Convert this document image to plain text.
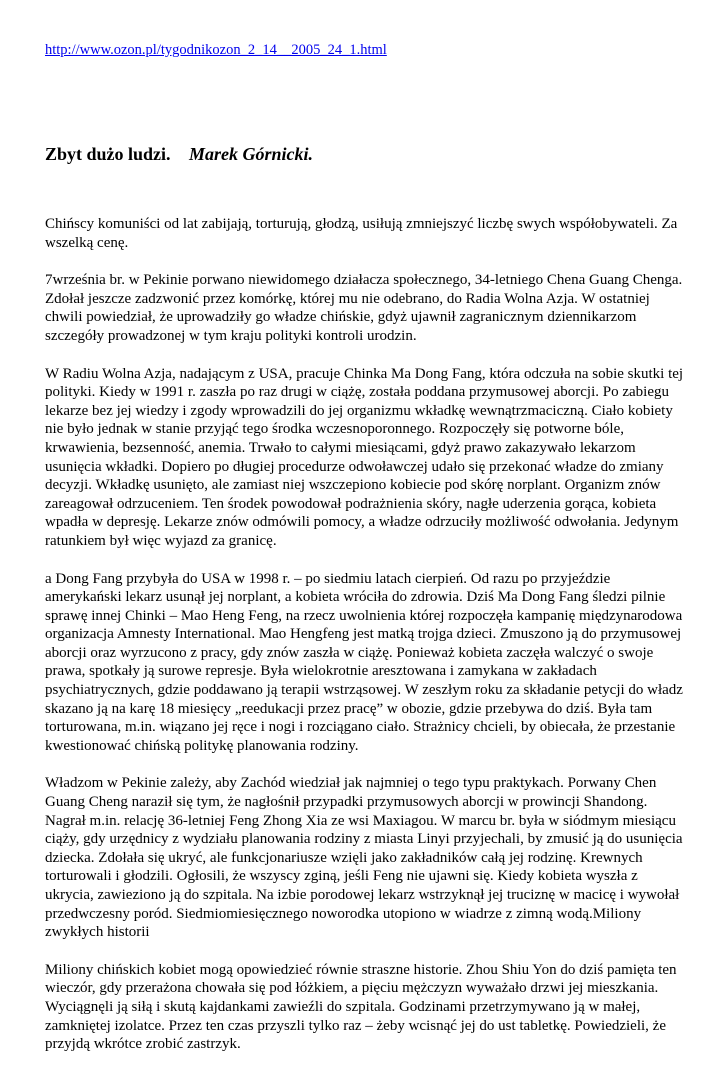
http://www.ozon.pl/tygodnikozon_2_14__2005_24_1.html
Zbyt dużo ludzi. Marek Górnicki.

Chińscy komuniści od lat zabijają, torturują, głodzą, usiłują zmniejszyć liczbę swych współobywateli. Za wszelką cenę.

7września br. w Pekinie porwano niewidomego działacza społecznego, 34-letniego Chena Guang Chenga. Zdołał jeszcze zadzwonić przez komórkę, której mu nie odebrano, do Radia Wolna Azja. W ostatniej chwili powiedział, że uprowadziły go władze chińskie, gdyż ujawnił zagranicznym dziennikarzom szczegóły prowadzonej w tym kraju polityki kontroli urodzin.

W Radiu Wolna Azja, nadającym z USA, pracuje Chinka Ma Dong Fang, która odczuła na sobie skutki tej polityki. Kiedy w 1991 r. zaszła po raz drugi w ciążę, została poddana przymusowej aborcji. Po zabiegu lekarze bez jej wiedzy i zgody wprowadzili do jej organizmu wkładkę wewnątrzmaciczną. Ciało kobiety nie było jednak w stanie przyjąć tego środka wczesnoporonnego. Rozpoczęły się potworne bóle, krwawienia, bezsenność, anemia. Trwało to całymi miesiącami, gdyż prawo zakazywało lekarzom usunięcia wkładki. Dopiero po długiej procedurze odwoławczej udało się przekonać władze do zmiany decyzji. Wkładkę usunięto, ale zamiast niej wszczepiono kobiecie pod skórę norplant. Organizm znów zareagował odrzuceniem. Ten środek powodował podrażnienia skóry, nagłe uderzenia gorąca, kobieta wpadła w depresję. Lekarze znów odmówili pomocy, a władze odrzuciły możliwość odwołania. Jedynym ratunkiem był więc wyjazd za granicę.

a Dong Fang przybyła do USA w 1998 r. – po siedmiu latach cierpień. Od razu po przyjeździe amerykański lekarz usunął jej norplant, a kobieta wróciła do zdrowia. Dziś Ma Dong Fang śledzi pilnie sprawę innej Chinki – Mao Heng Feng, na rzecz uwolnienia której rozpoczęła kampanię międzynarodowa organizacja Amnesty International. Mao Hengfeng jest matką trojga dzieci. Zmuszono ją do przymusowej aborcji oraz wyrzucono z pracy, gdy znów zaszła w ciążę. Ponieważ kobieta zaczęła walczyć o swoje prawa, spotkały ją surowe represje. Była wielokrotnie aresztowana i zamykana w zakładach psychiatrycznych, gdzie poddawano ją terapii wstrząsowej. W zeszłym roku za składanie petycji do władz skazano ją na karę 18 miesięcy „reedukacji przez pracę” w obozie, gdzie przebywa do dziś. Była tam torturowana, m.in. wiązano jej ręce i nogi i rozciągano ciało. Strażnicy chcieli, by obiecała, że przestanie kwestionować chińską politykę planowania rodziny.

Władzom w Pekinie zależy, aby Zachód wiedział jak najmniej o tego typu praktykach. Porwany Chen Guang Cheng naraził się tym, że nagłośnił przypadki przymusowych aborcji w prowincji Shandong. Nagrał m.in. relację 36-letniej Feng Zhong Xia ze wsi Maxiagou. W marcu br. była w siódmym miesiącu ciąży, gdy urzędnicy z wydziału planowania rodziny z miasta Linyi przyjechali, by zmusić ją do usunięcia dziecka. Zdołała się ukryć, ale funkcjonariusze wzięli jako zakładników całą jej rodzinę. Krewnych torturowali i głodzili. Ogłosili, że wszyscy zginą, jeśli Feng nie ujawni się. Kiedy kobieta wyszła z ukrycia, zawieziono ją do szpitala. Na izbie porodowej lekarz wstrzyknął jej truciznę w macicę i wywołał przedwczesny poród. Siedmiomiesięcznego noworodka utopiono w wiadrze z zimną wodą.Miliony zwykłych historii

Miliony chińskich kobiet mogą opowiedzieć równie straszne historie. Zhou Shiu Yon do dziś pamięta ten wieczór, gdy przerażona chowała się pod łóżkiem, a pięciu mężczyzn wyważało drzwi jej mieszkania. Wyciągnęli ją siłą i skutą kajdankami zawieźli do szpitala. Godzinami przetrzymywano ją w małej, zamkniętej izolatce. Przez ten czas przyszli tylko raz – żeby wcisnąć jej do ust tabletkę. Powiedzieli, że przyjdą wkrótce zrobić zastrzyk.
